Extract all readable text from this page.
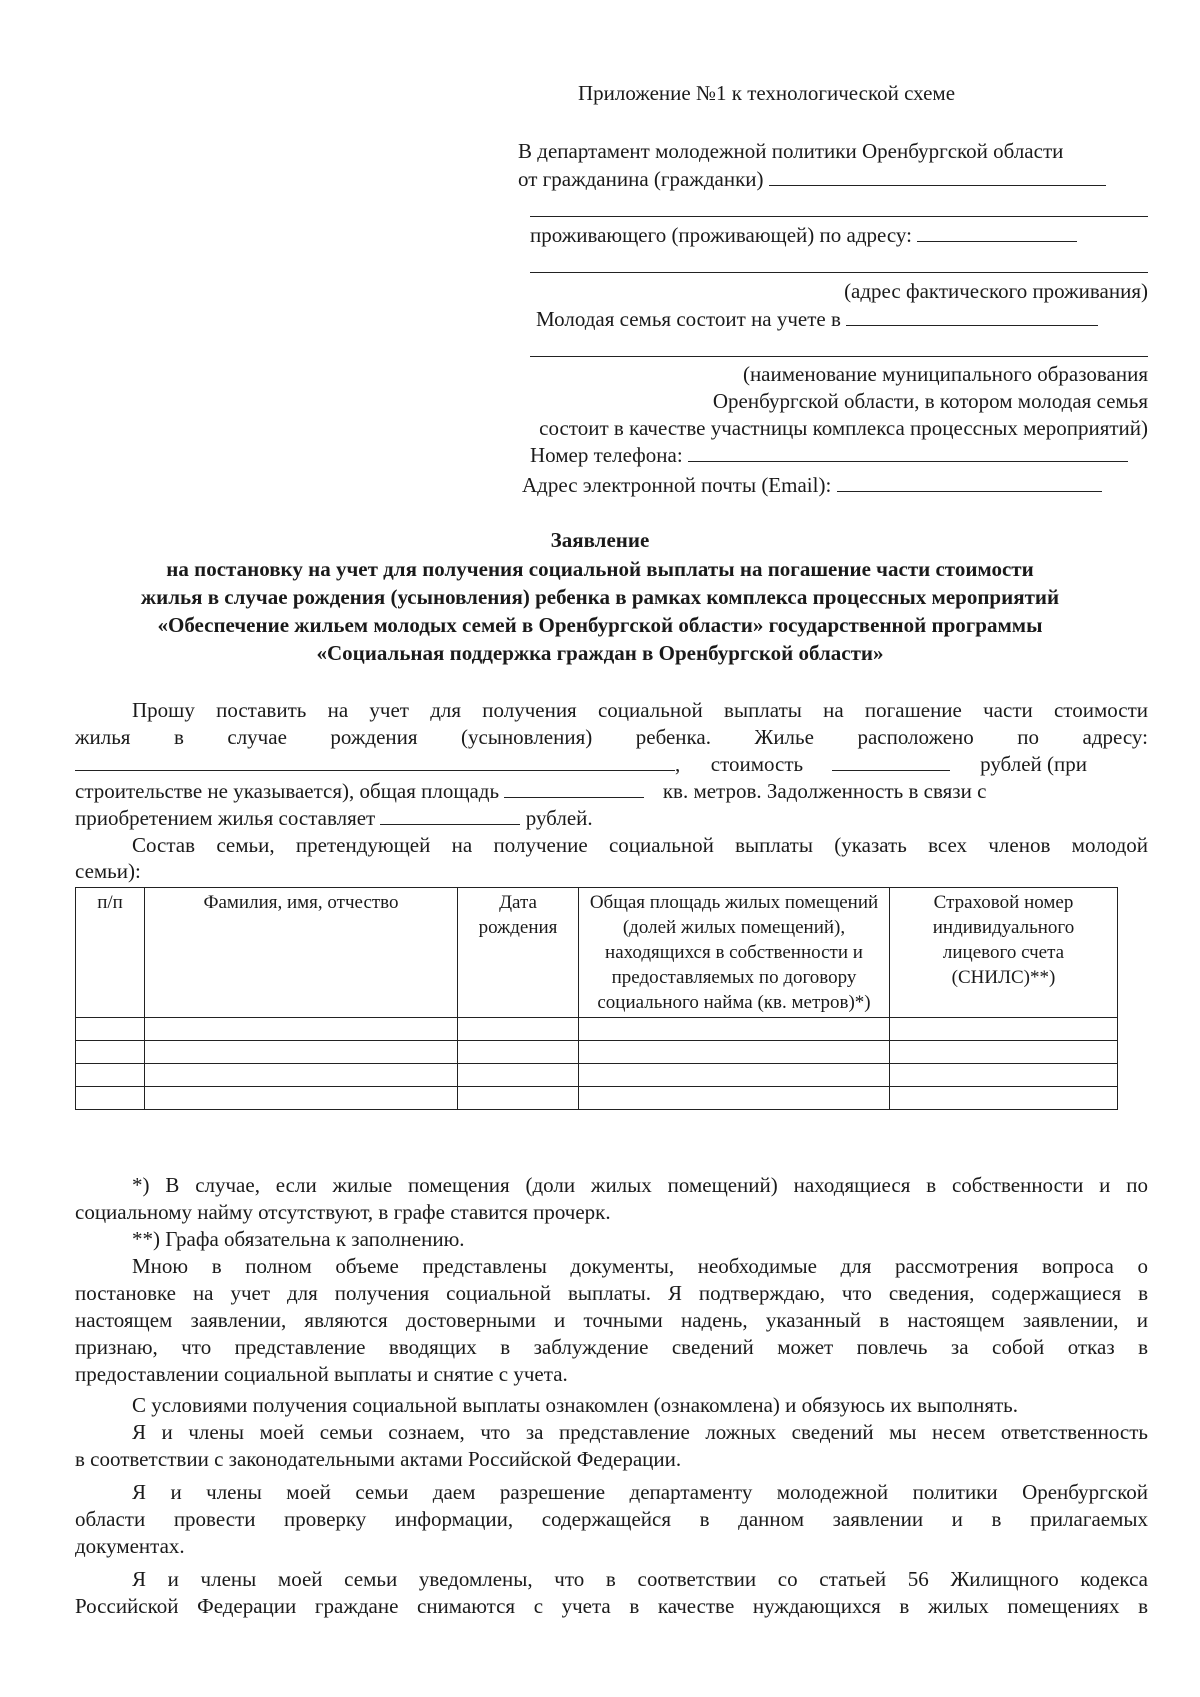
Приложение №1 к технологической схеме
В департамент молодежной политики Оренбургской области
от гражданина (гражданки)
проживающего (проживающей) по адресу:
(адрес фактического проживания)
Молодая семья состоит на учете в
(наименование муниципального образования
Оренбургской области, в котором молодая семья
состоит в качестве участницы комплекса процессных мероприятий)
Номер телефона:
Адрес электронной почты (Email):
Заявление
на постановку на учет для получения социальной выплаты на погашение части стоимости
жилья в случае рождения (усыновления) ребенка в рамках комплекса процессных мероприятий
«Обеспечение жильем молодых семей в Оренбургской области» государственной программы
«Социальная поддержка граждан в Оренбургской области»
Прошу поставить на учет для получения социальной выплаты на погашение части стоимости
жилья в случае рождения (усыновления) ребенка. Жилье расположено по адресу:
, стоимость	рублей (при
строительстве не указывается), общая площадь	кв. метров. Задолженность в связи с
приобретением жилья составляет	рублей.
Состав семьи, претендующей на получение социальной выплаты (указать всех членов молодой
семьи):
п/п	Фамилия, имя, отчество	Дата рождения	Общая площадь жилых помещений (долей жилых помещений), находящихся в собственности и предоставляемых по договору социального найма (кв. метров)*)	Страховой номер индивидуального лицевого счета (СНИЛС)**)

*) В случае, если жилые помещения (доли жилых помещений) находящиеся в собственности и по
социальному найму отсутствуют, в графе ставится прочерк.
**) Графа обязательна к заполнению.
Мною в полном объеме представлены документы, необходимые для рассмотрения вопроса о
постановке на учет для получения социальной выплаты. Я подтверждаю, что сведения, содержащиеся в
настоящем заявлении, являются достоверными и точными надень, указанный в настоящем заявлении, и
признаю, что представление вводящих в заблуждение сведений может повлечь за собой отказ в
предоставлении социальной выплаты и снятие с учета.
С условиями получения социальной выплаты ознакомлен (ознакомлена) и обязуюсь их выполнять.
Я и члены моей семьи сознаем, что за представление ложных сведений мы несем ответственность
в соответствии с законодательными актами Российской Федерации.
Я и члены моей семьи даем разрешение департаменту молодежной политики Оренбургской
области провести проверку информации, содержащейся в данном заявлении и в прилагаемых
документах.
Я и члены моей семьи уведомлены, что в соответствии со статьей 56 Жилищного кодекса
Российской Федерации граждане снимаются с учета в качестве нуждающихся в жилых помещениях в
